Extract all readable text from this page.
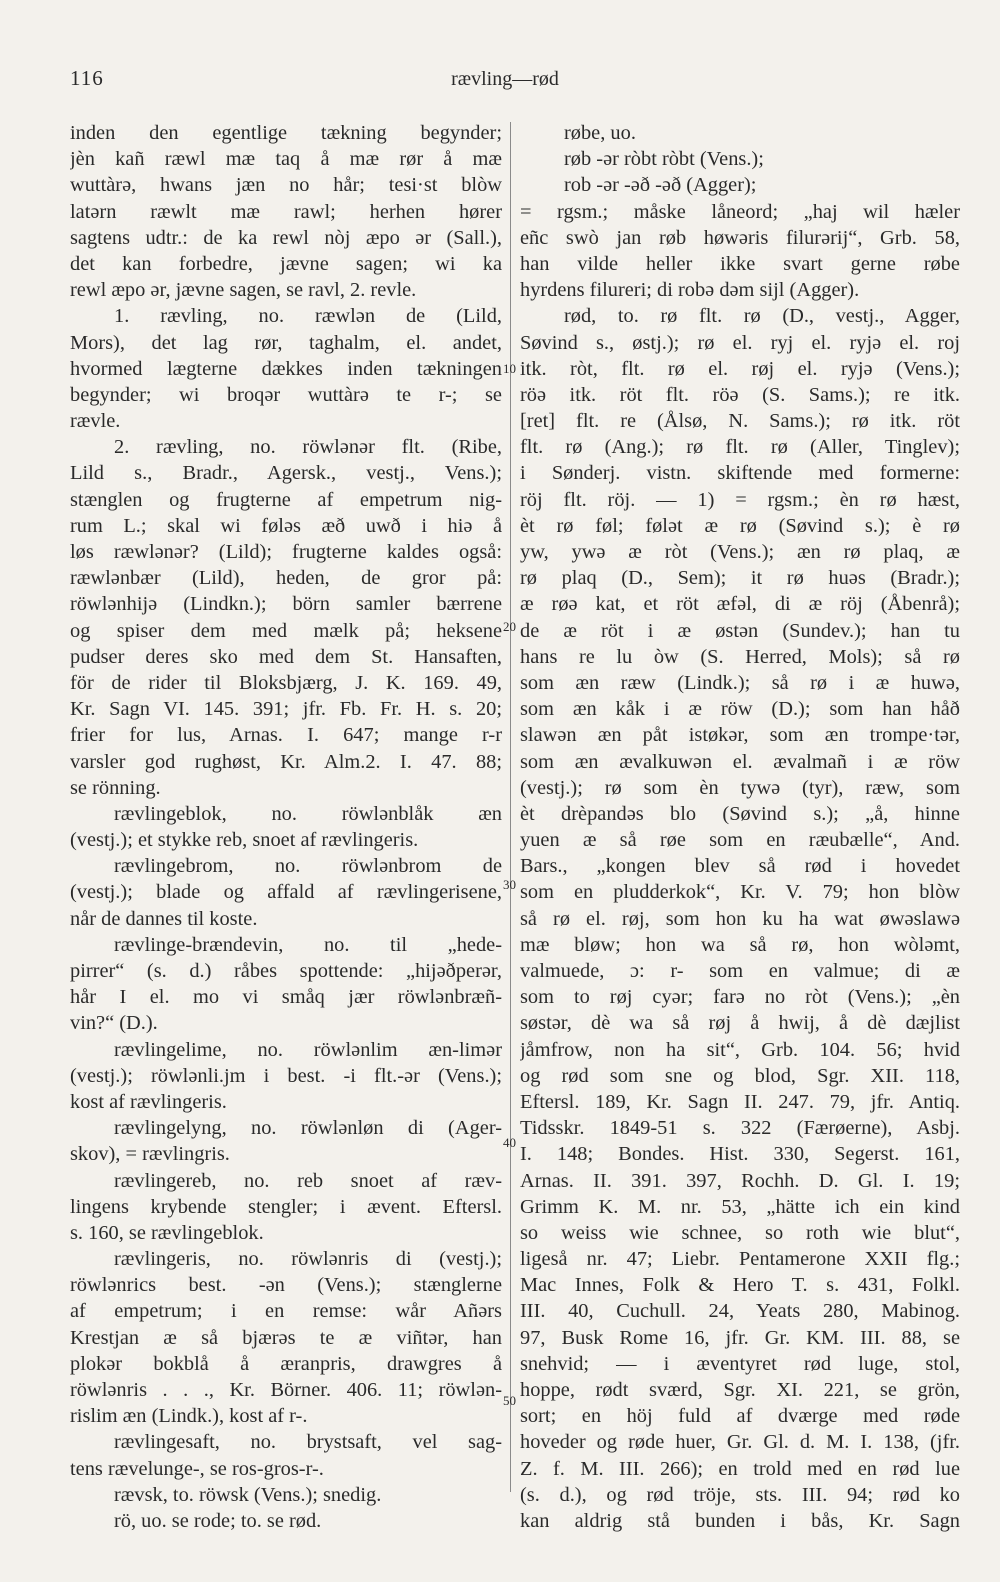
116	rævling—rød
inden den egentlige tækning begynder;
jèn kañ ræwl mæ taq å mæ rør å mæ
wuttàrə, hwans jæn no hår; tesi·st blòw
latərn ræwlt mæ rawl; herhen hører
sagtens udtr.: de ka rewl nòj æpo ər (Sall.),
det kan forbedre, jævne sagen; wi ka
rewl æpo ər, jævne sagen, se ravl, 2. revle.
1. rævling, no. ræwlən de (Lild,
Mors), det lag rør, taghalm, el. andet,
hvormed lægterne dækkes inden tækningen
begynder; wi broqər wuttàrə te r-; se
rævle.
2. rævling, no. röwlənər flt. (Ribe,
Lild s., Bradr., Agersk., vestj., Vens.);
stænglen og frugterne af empetrum nig-
rum L.; skal wi føləs æð uwð i hiə å
løs ræwlənər? (Lild); frugterne kaldes også:
ræwlənbær (Lild), heden, de gror på:
röwlənhijə (Lindkn.); börn samler bærrene
og spiser dem med mælk på; heksene
pudser deres sko med dem St. Hansaften,
för de rider til Bloksbjærg, J. K. 169. 49,
Kr. Sagn VI. 145. 391; jfr. Fb. Fr. H. s. 20;
frier for lus, Arnas. I. 647; mange r-r
varsler god rughøst, Kr. Alm.2. I. 47. 88;
se rönning.
rævlingeblok, no. röwlənblåk æn
(vestj.); et stykke reb, snoet af rævlingeris.
rævlingebrom, no. röwlənbrom de
(vestj.); blade og affald af rævlingerisene,
når de dannes til koste.
rævlinge-brændevin, no. til „hede-
pirrer“ (s. d.) råbes spottende: „hijəðperər,
hår I el. mo vi småq jær röwlənbræñ-
vin?“ (D.).
rævlingelime, no. röwlənlim æn-limər
(vestj.); röwlənli.jm i best. -i flt.-ər (Vens.);
kost af rævlingeris.
rævlingelyng, no. röwlənløn di (Ager-
skov), = rævlingris.
rævlingereb, no. reb snoet af ræv-
lingens krybende stengler; i ævent. Eftersl.
s. 160, se rævlingeblok.
rævlingeris, no. röwlənris di (vestj.);
röwlənrics best. -ən (Vens.); stænglerne
af empetrum; i en remse: wår Añərs
Krestjan æ så bjærəs te æ viñtər, han
plokər bokblå å æranpris, drawgres å
röwlənris . . ., Kr. Börner. 406. 11; röwlən-
rislim æn (Lindk.), kost af r-.
rævlingesaft, no. brystsaft, vel sag-
tens rævelunge-, se ros-gros-r-.
rævsk, to. röwsk (Vens.); snedig.
rö, uo. se rode; to. se rød.
røbe, uo.
røb -ər ròbt ròbt (Vens.);
rob -ər -əð -əð (Agger);
= rgsm.; måske låneord; „haj wil hæler
eñc swò jan røb høwəris filurərij“, Grb. 58,
han vilde heller ikke svart gerne røbe
hyrdens filureri; di robə dəm sijl (Agger).
rød, to. rø flt. rø (D., vestj., Agger,
Søvind s., østj.); rø el. ryj el. ryjə el. roj
itk. ròt, flt. rø el. røj el. ryjə (Vens.);
röə itk. röt flt. röə (S. Sams.); re itk.
[ret] flt. re (Ålsø, N. Sams.); rø itk. röt
flt. rø (Ang.); rø flt. rø (Aller, Tinglev);
i Sønderj. vistn. skiftende med formerne:
röj flt. röj. — 1) = rgsm.; èn rø hæst,
èt rø føl; følət æ rø (Søvind s.); è rø
yw, ywə æ ròt (Vens.); æn rø plaq, æ
rø plaq (D., Sem); it rø huəs (Bradr.);
æ røə kat, et röt æfəl, di æ röj (Åbenrå);
de æ röt i æ østən (Sundev.); han tu
hans re lu òw (S. Herred, Mols); så rø
som æn ræw (Lindk.); så rø i æ huwə,
som æn kåk i æ röw (D.); som han håð
slawən æn påt istøkər, som æn trompe·tər,
som æn ævalkuwən el. ævalmañ i æ röw
(vestj.); rø som èn tywə (tyr), ræw, som
èt drèpandəs blo (Søvind s.); „å, hinne
yuen æ så røe som en ræubælle“, And.
Bars., „kongen blev så rød i hovedet
som en pludderkok“, Kr. V. 79; hon blòw
så rø el. røj, som hon ku ha wat øwəslawə
mæ bløw; hon wa så rø, hon wòləmt,
valmuede, ɔ: r- som en valmue; di æ
som to røj cyər; farə no ròt (Vens.); „èn
søstər, dè wa så røj å hwij, å dè dæjlist
jåmfrow, non ha sit“, Grb. 104. 56; hvid
og rød som sne og blod, Sgr. XII. 118,
Eftersl. 189, Kr. Sagn II. 247. 79, jfr. Antiq.
Tidsskr. 1849-51 s. 322 (Færøerne), Asbj.
I. 148; Bondes. Hist. 330, Segerst. 161,
Arnas. II. 391. 397, Rochh. D. Gl. I. 19;
Grimm K. M. nr. 53, „hätte ich ein kind
so weiss wie schnee, so roth wie blut“,
ligeså nr. 47; Liebr. Pentamerone XXII flg.;
Mac Innes, Folk & Hero T. s. 431, Folkl.
III. 40, Cuchull. 24, Yeats 280, Mabinog.
97, Busk Rome 16, jfr. Gr. KM. III. 88, se
snehvid; — i æventyret rød luge, stol,
hoppe, rødt sværd, Sgr. XI. 221, se grön,
sort; en höj fuld af dværge med røde
hoveder og røde huer, Gr. Gl. d. M. I. 138, (jfr.
Z. f. M. III. 266); en trold med en rød lue
(s. d.), og rød tröje, sts. III. 94; rød ko
kan aldrig stå bunden i bås, Kr. Sagn
10
20
30
40
50
